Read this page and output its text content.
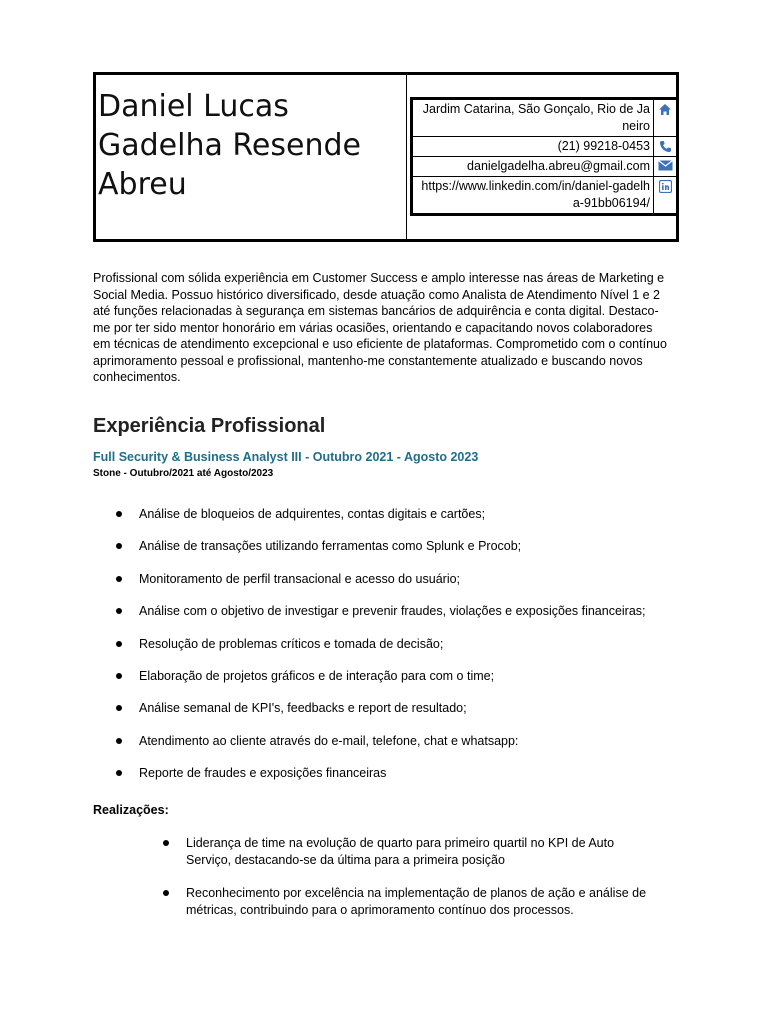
Daniel Lucas Gadelha Resende Abreu
Jardim Catarina, São Gonçalo, Rio de Janeiro
(21) 99218-0453
danielgadelha.abreu@gmail.com
https://www.linkedin.com/in/daniel-gadelha-91bb06194/
Profissional com sólida experiência em Customer Success e amplo interesse nas áreas de Marketing e Social Media. Possuo histórico diversificado, desde atuação como Analista de Atendimento Nível 1 e 2 até funções relacionadas à segurança em sistemas bancários de adquirência e conta digital. Destaco-me por ter sido mentor honorário em várias ocasiões, orientando e capacitando novos colaboradores em técnicas de atendimento excepcional e uso eficiente de plataformas. Comprometido com o contínuo aprimoramento pessoal e profissional, mantenho-me constantemente atualizado e buscando novos conhecimentos.
Experiência Profissional
Full Security & Business Analyst III - Outubro 2021 - Agosto 2023
Stone - Outubro/2021 até Agosto/2023
Análise de bloqueios de adquirentes, contas digitais e cartões;
Análise de transações utilizando ferramentas como Splunk e Procob;
Monitoramento de perfil transacional e acesso do usuário;
Análise com o objetivo de investigar e prevenir fraudes, violações e exposições financeiras;
Resolução de problemas críticos e tomada de decisão;
Elaboração de projetos gráficos e de interação para com o time;
Análise semanal de KPI's, feedbacks e report de resultado;
Atendimento ao cliente através do e-mail, telefone, chat e whatsapp:
Reporte de fraudes e exposições financeiras
Realizações:
Liderança de time na evolução de quarto para primeiro quartil no KPI de Auto Serviço, destacando-se da última para a primeira posição
Reconhecimento por excelência na implementação de planos de ação e análise de métricas, contribuindo para o aprimoramento contínuo dos processos.
